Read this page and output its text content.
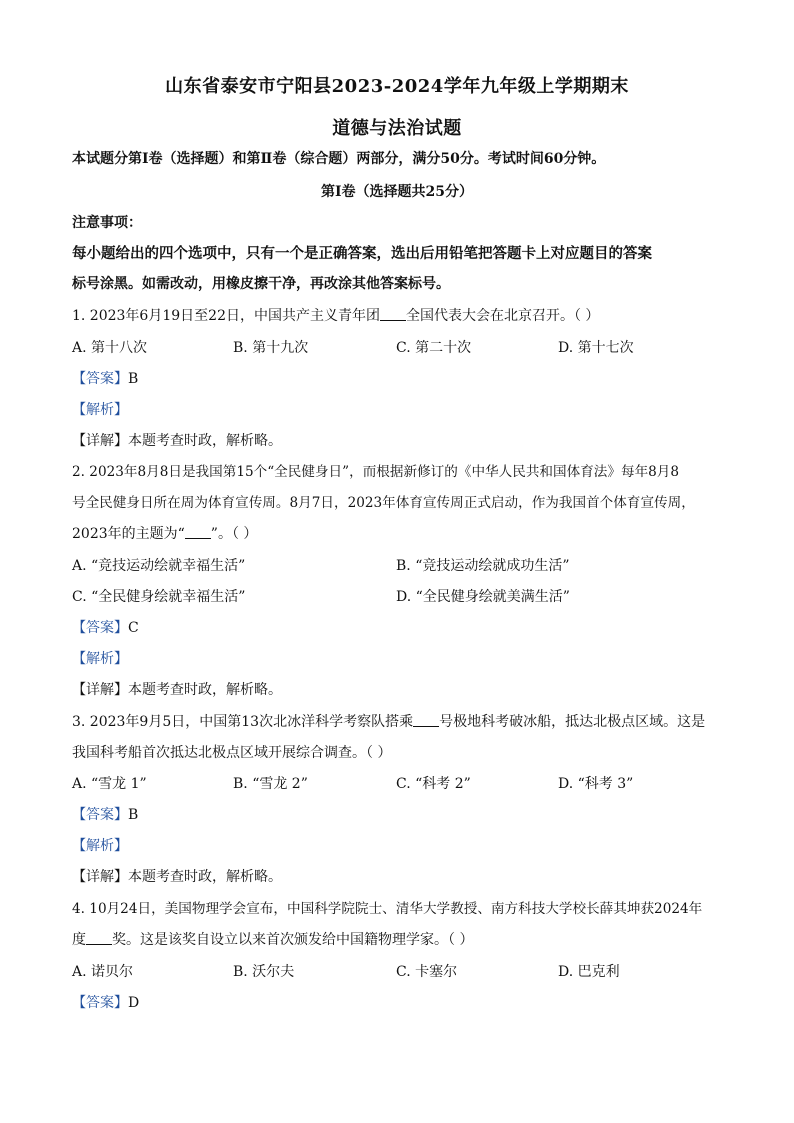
山东省泰安市宁阳县2023-2024学年九年级上学期期末
道德与法治试题
本试题分第Ⅰ卷（选择题）和第Ⅱ卷（综合题）两部分，满分50分。考试时间60分钟。
第Ⅰ卷（选择题共25分）
注意事项：
每小题给出的四个选项中，只有一个是正确答案，选出后用铅笔把答题卡上对应题目的答案
标号涂黑。如需改动，用橡皮擦干净，再改涂其他答案标号。
1. 2023年6月19日至22日，中国共产主义青年团 全国代表大会在北京召开。（ ）
A. 第十八次	B. 第十九次	C. 第二十次	D. 第十七次
【答案】B
【解析】
【详解】本题考查时政，解析略。
2. 2023年8月8日是我国第15个“全民健身日”，而根据新修订的《中华人民共和国体育法》每年8月8
号全民健身日所在周为体育宣传周。8月7日，2023年体育宣传周正式启动，作为我国首个体育宣传周，
2023年的主题为“ ”。（ ）
A. “竞技运动绘就幸福生活”	B. “竞技运动绘就成功生活”
C. “全民健身绘就幸福生活”	D. “全民健身绘就美满生活”
【答案】C
【解析】
【详解】本题考查时政，解析略。
3. 2023年9月5日，中国第13次北冰洋科学考察队搭乘 号极地科考破冰船，抵达北极点区域。这是
我国科考船首次抵达北极点区域开展综合调查。（ ）
A. “雪龙 1”	B. “雪龙 2”	C. “科考 2”	D. “科考 3”
【答案】B
【解析】
【详解】本题考查时政，解析略。
4. 10月24日，美国物理学会宣布，中国科学院院士、清华大学教授、南方科技大学校长薛其坤获2024年
度 奖。这是该奖自设立以来首次颁发给中国籍物理学家。（ ）
A. 诺贝尔	B. 沃尔夫	C. 卡塞尔	D. 巴克利
【答案】D
